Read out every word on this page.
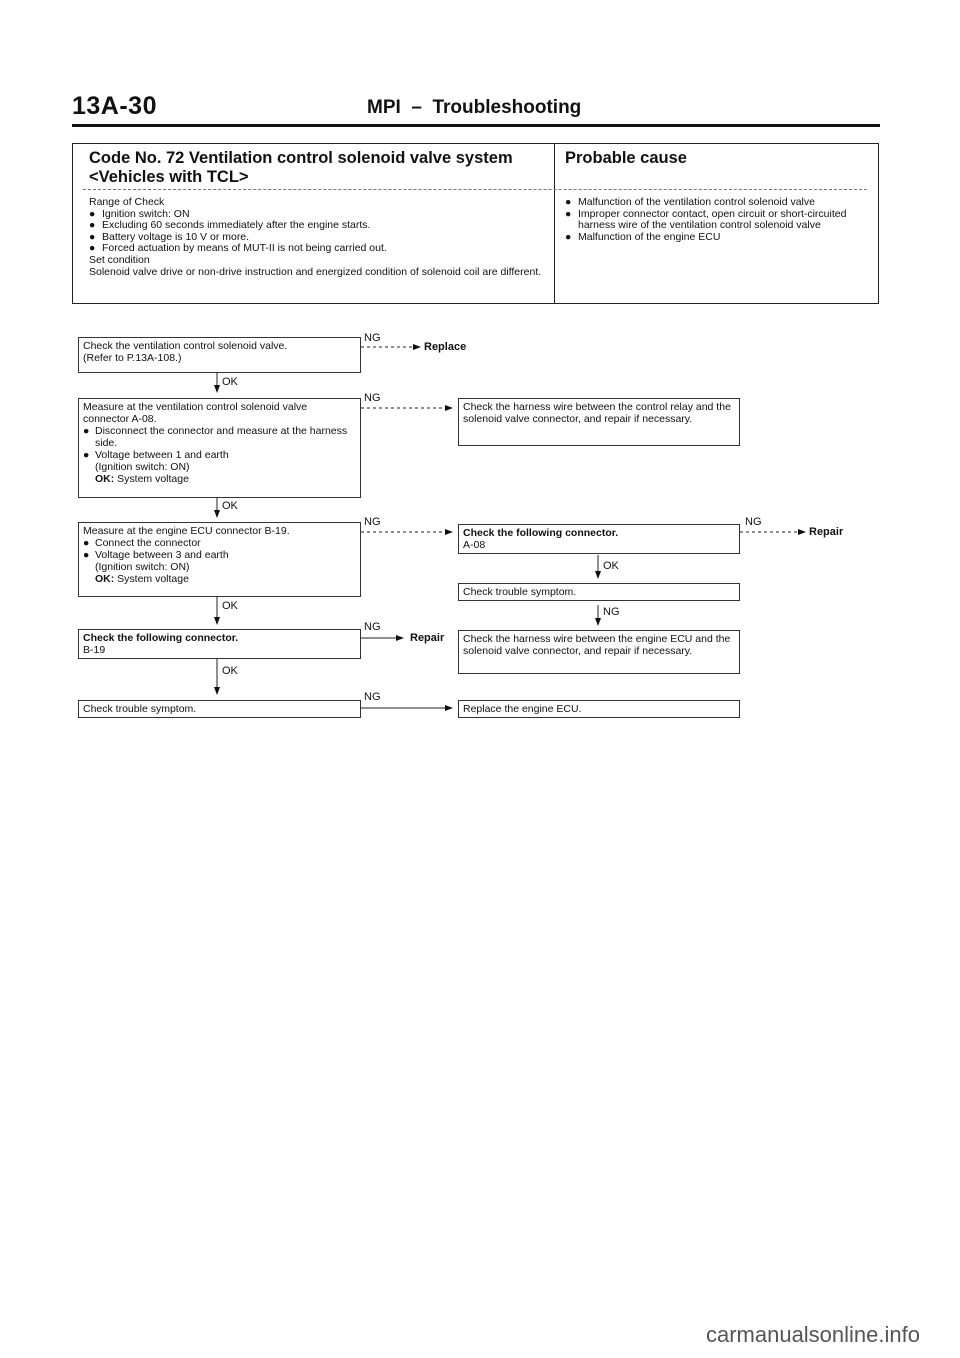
13A-30	MPI  –  Troubleshooting
Code No. 72 Ventilation control solenoid valve system
<Vehicles with TCL>
Probable cause
Range of Check
● Ignition switch: ON
● Excluding 60 seconds immediately after the engine starts.
● Battery voltage is 10 V or more.
● Forced actuation by means of MUT-II is not being carried out.
Set condition
Solenoid valve drive or non-drive instruction and energized condition of solenoid coil are different.
● Malfunction of the ventilation control solenoid valve
● Improper connector contact, open circuit or short-circuited harness wire of the ventilation control solenoid valve
● Malfunction of the engine ECU
Check the ventilation control solenoid valve.
(Refer to P.13A-108.)
OK
NG
Replace
Measure at the ventilation control solenoid valve
connector A-08.
● Disconnect the connector and measure at the harness side.
● Voltage between 1 and earth
(Ignition switch: ON)
OK: System voltage
NG
OK
Measure at the engine ECU connector B-19.
● Connect the connector
● Voltage between 3 and earth
(Ignition switch: ON)
OK: System voltage
NG
OK
Check the following connector.
B-19
NG
Repair
OK
Check trouble symptom.
NG
Check the harness wire between the control relay and the solenoid valve connector, and repair if necessary.
Check the following connector.
A-08
NG
Repair
OK
Check trouble symptom.
NG
Check the harness wire between the engine ECU and the solenoid valve connector, and repair if necessary.
Replace the engine ECU.
carmanualsonline.info
